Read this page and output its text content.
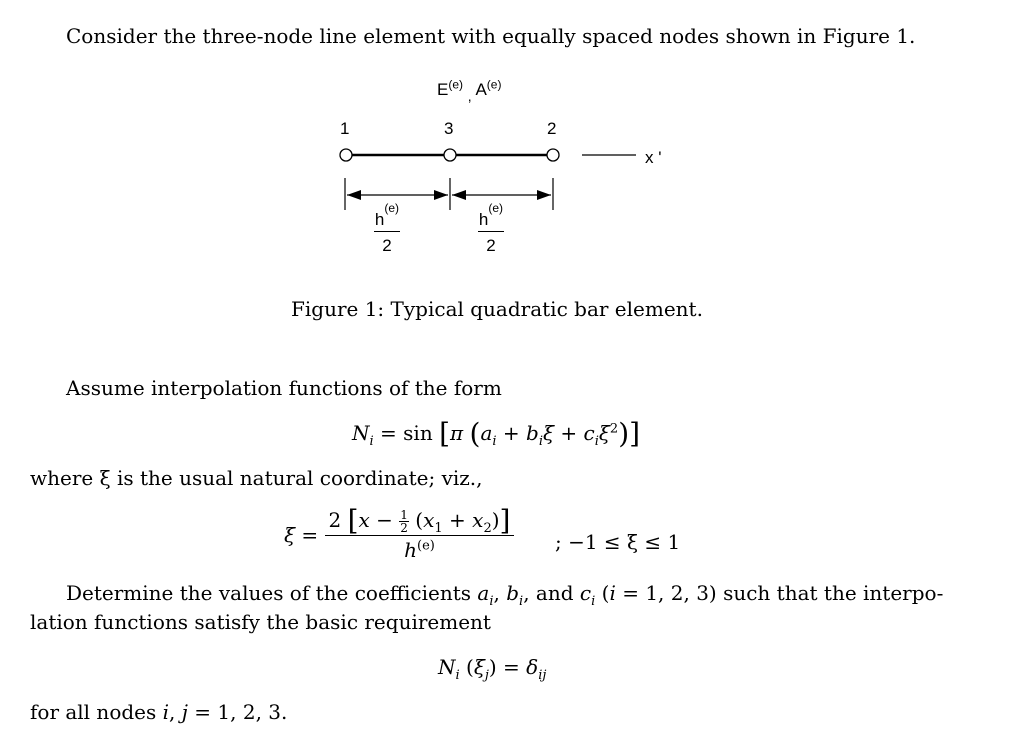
Consider the three-node line element with equally spaced nodes shown in Figure 1.
$E^{(e)}$ $_,$ $A^{(e)}$
1	3	2
x '
$h^{(e)}$
2
$h^{(e)}$
2
Figure 1: Typical quadratic bar element.
Assume interpolation functions of the form
$N_i = \sin [\pi$ $(a_i + b_i\xi + c_i\xi^2)$]
where ξ is the usual natural coordinate; viz.,
$\xi = \frac{2 [x - \frac{1}{2} (x_1 + x_2)]}{h^{(e)}}$ ; −1 ≤ ξ ≤ 1
Determine the values of the coefficients $a_i$, $b_i$, and $c_i$ (i = 1, 2, 3) such that the interpo-
lation functions satisfy the basic requirement
$N_i$ $(\xi_j) = \delta_{ij}$
for all nodes i, j = 1, 2, 3.
